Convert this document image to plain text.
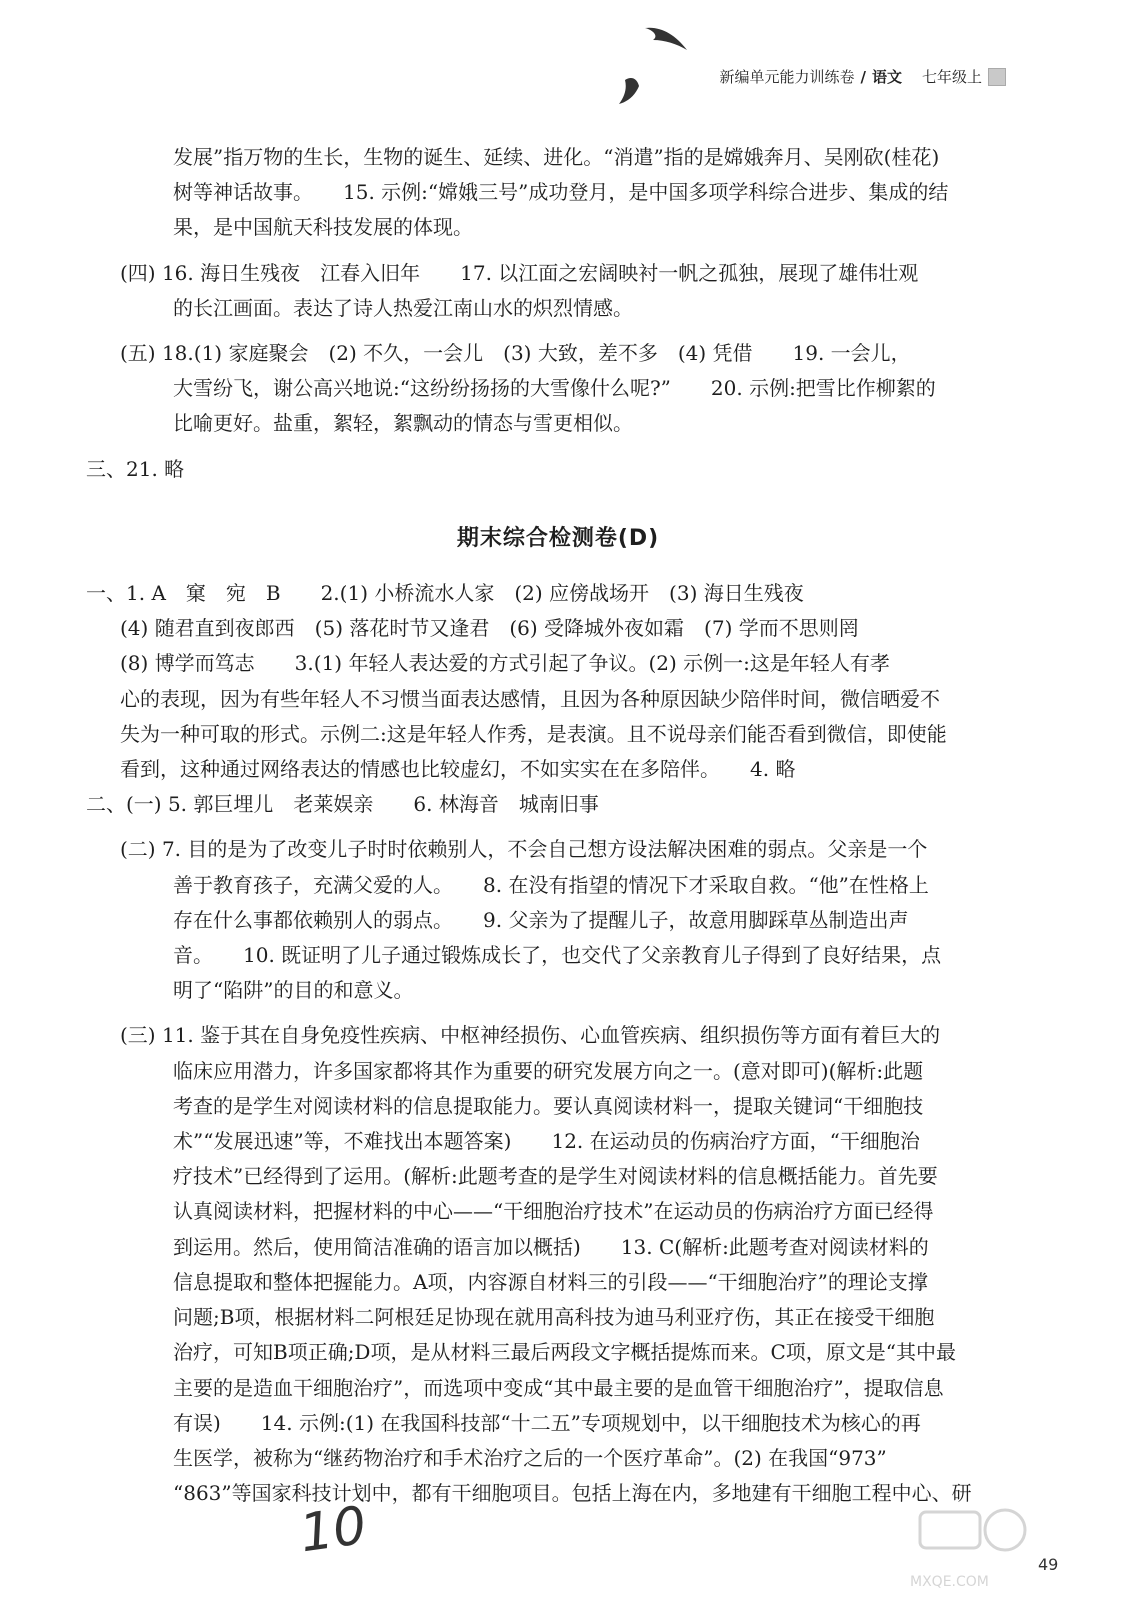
新编单元能力训练卷 / 语文 七年级上

发展”指万物的生长，生物的诞生、延续、进化。“消遣”指的是嫦娥奔月、吴刚砍(桂花)

树等神话故事。　　15. 示例:“嫦娥三号”成功登月，是中国多项学科综合进步、集成的结

果，是中国航天科技发展的体现。

(四) 16. 海日生残夜　江春入旧年　　17. 以江面之宏阔映衬一帆之孤独，展现了雄伟壮观

的长江画面。表达了诗人热爱江南山水的炽烈情感。

(五) 18.(1) 家庭聚会　(2) 不久，一会儿　(3) 大致，差不多　(4) 凭借　　19. 一会儿，

大雪纷飞，谢公高兴地说:“这纷纷扬扬的大雪像什么呢?”　　20. 示例:把雪比作柳絮的

比喻更好。盐重，絮轻，絮飘动的情态与雪更相似。

三、21. 略

期末综合检测卷(D)

一、1. A　窠　宛　B　　2.(1) 小桥流水人家　(2) 应傍战场开　(3) 海日生残夜

(4) 随君直到夜郎西　(5) 落花时节又逢君　(6) 受降城外夜如霜　(7) 学而不思则罔

(8) 博学而笃志　　3.(1) 年轻人表达爱的方式引起了争议。(2) 示例一:这是年轻人有孝

心的表现，因为有些年轻人不习惯当面表达感情，且因为各种原因缺少陪伴时间，微信晒爱不

失为一种可取的形式。示例二:这是年轻人作秀，是表演。且不说母亲们能否看到微信，即使能

看到，这种通过网络表达的情感也比较虚幻，不如实实在在多陪伴。　　4. 略

二、(一) 5. 郭巨埋儿　老莱娱亲　　6. 林海音　城南旧事

(二) 7. 目的是为了改变儿子时时依赖别人，不会自己想方设法解决困难的弱点。父亲是一个

善于教育孩子，充满父爱的人。　　8. 在没有指望的情况下才采取自救。“他”在性格上

存在什么事都依赖别人的弱点。　　9. 父亲为了提醒儿子，故意用脚踩草丛制造出声

音。　　10. 既证明了儿子通过锻炼成长了，也交代了父亲教育儿子得到了良好结果，点

明了“陷阱”的目的和意义。

(三) 11. 鉴于其在自身免疫性疾病、中枢神经损伤、心血管疾病、组织损伤等方面有着巨大的

临床应用潜力，许多国家都将其作为重要的研究发展方向之一。(意对即可)(解析:此题

考查的是学生对阅读材料的信息提取能力。要认真阅读材料一，提取关键词“干细胞技

术”“发展迅速”等，不难找出本题答案)　　12. 在运动员的伤病治疗方面，“干细胞治

疗技术”已经得到了运用。(解析:此题考查的是学生对阅读材料的信息概括能力。首先要

认真阅读材料，把握材料的中心——“干细胞治疗技术”在运动员的伤病治疗方面已经得

到运用。然后，使用简洁准确的语言加以概括)　　13. C(解析:此题考查对阅读材料的

信息提取和整体把握能力。A项，内容源自材料三的引段——“干细胞治疗”的理论支撑

问题;B项，根据材料二阿根廷足协现在就用高科技为迪马利亚疗伤，其正在接受干细胞

治疗，可知B项正确;D项，是从材料三最后两段文字概括提炼而来。C项，原文是“其中最

主要的是造血干细胞治疗”，而选项中变成“其中最主要的是血管干细胞治疗”，提取信息

有误)　　14. 示例:(1) 在我国科技部“十二五”专项规划中，以干细胞技术为核心的再

生医学，被称为“继药物治疗和手术治疗之后的一个医疗革命”。(2) 在我国“973”

“863”等国家科技计划中，都有干细胞项目。包括上海在内，多地建有干细胞工程中心、研

10
MXQE.COM
49
